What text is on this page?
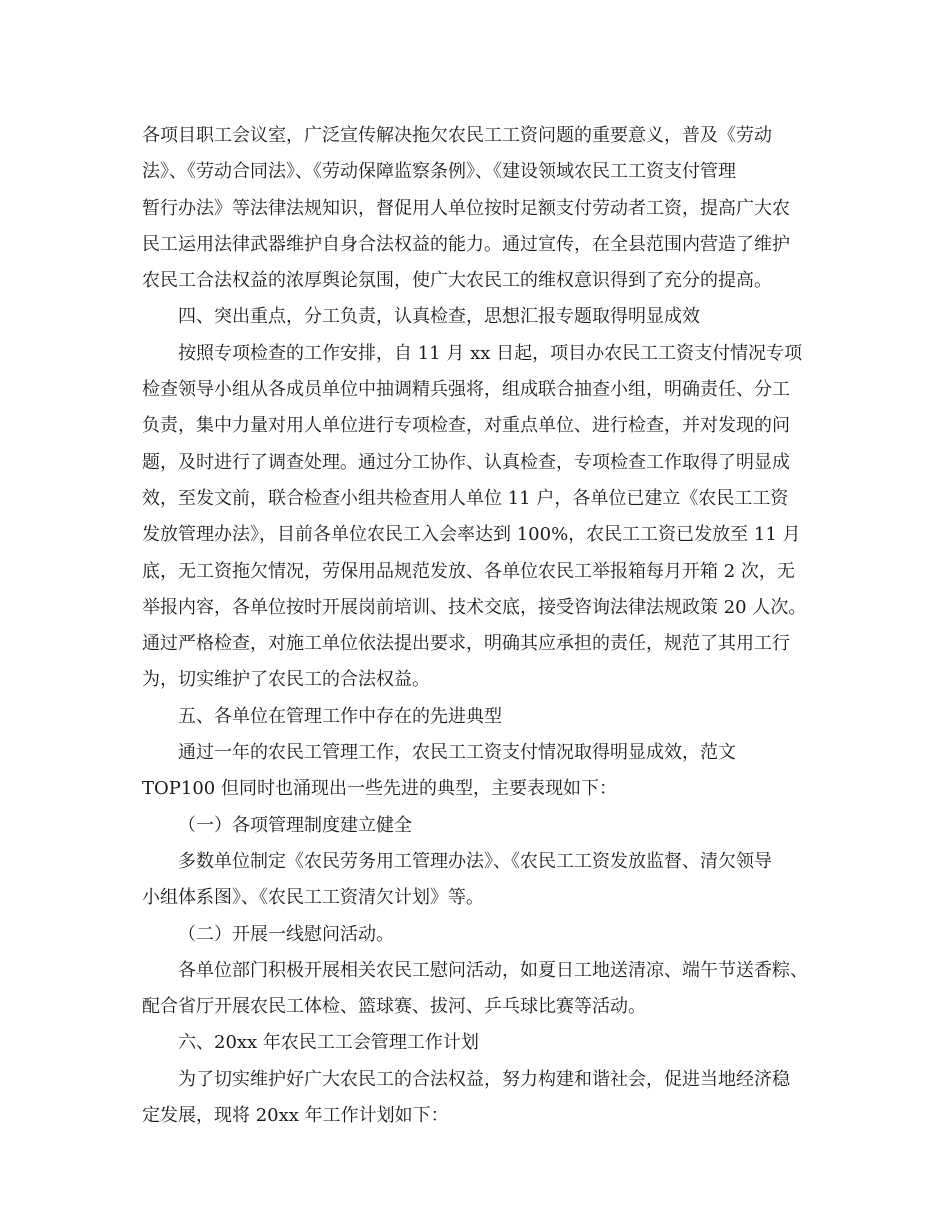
各项目职工会议室，广泛宣传解决拖欠农民工工资问题的重要意义，普及《劳动
法》、《劳动合同法》、《劳动保障监察条例》、《建设领域农民工工资支付管理
暂行办法》等法律法规知识，督促用人单位按时足额支付劳动者工资，提高广大农
民工运用法律武器维护自身合法权益的能力。通过宣传，在全县范围内营造了维护
农民工合法权益的浓厚舆论氛围，使广大农民工的维权意识得到了充分的提高。
四、突出重点，分工负责，认真检查，思想汇报专题取得明显成效
按照专项检查的工作安排，自 11 月 xx 日起，项目办农民工工资支付情况专项
检查领导小组从各成员单位中抽调精兵强将，组成联合抽查小组，明确责任、分工
负责，集中力量对用人单位进行专项检查，对重点单位、进行检查，并对发现的问
题，及时进行了调查处理。通过分工协作、认真检查，专项检查工作取得了明显成
效，至发文前，联合检查小组共检查用人单位 11 户，各单位已建立《农民工工资
发放管理办法》，目前各单位农民工入会率达到 100%，农民工工资已发放至 11 月
底，无工资拖欠情况，劳保用品规范发放、各单位农民工举报箱每月开箱 2 次，无
举报内容，各单位按时开展岗前培训、技术交底，接受咨询法律法规政策 20 人次。
通过严格检查，对施工单位依法提出要求，明确其应承担的责任，规范了其用工行
为，切实维护了农民工的合法权益。
五、各单位在管理工作中存在的先进典型
通过一年的农民工管理工作，农民工工资支付情况取得明显成效，范文
TOP100 但同时也涌现出一些先进的典型，主要表现如下：
（一）各项管理制度建立健全
多数单位制定《农民劳务用工管理办法》、《农民工工资发放监督、清欠领导
小组体系图》、《农民工工资清欠计划》等。
（二）开展一线慰问活动。
各单位部门积极开展相关农民工慰问活动，如夏日工地送清凉、端午节送香粽、
配合省厅开展农民工体检、篮球赛、拔河、乒乓球比赛等活动。
六、20xx 年农民工工会管理工作计划
为了切实维护好广大农民工的合法权益，努力构建和谐社会，促进当地经济稳
定发展，现将 20xx 年工作计划如下：
